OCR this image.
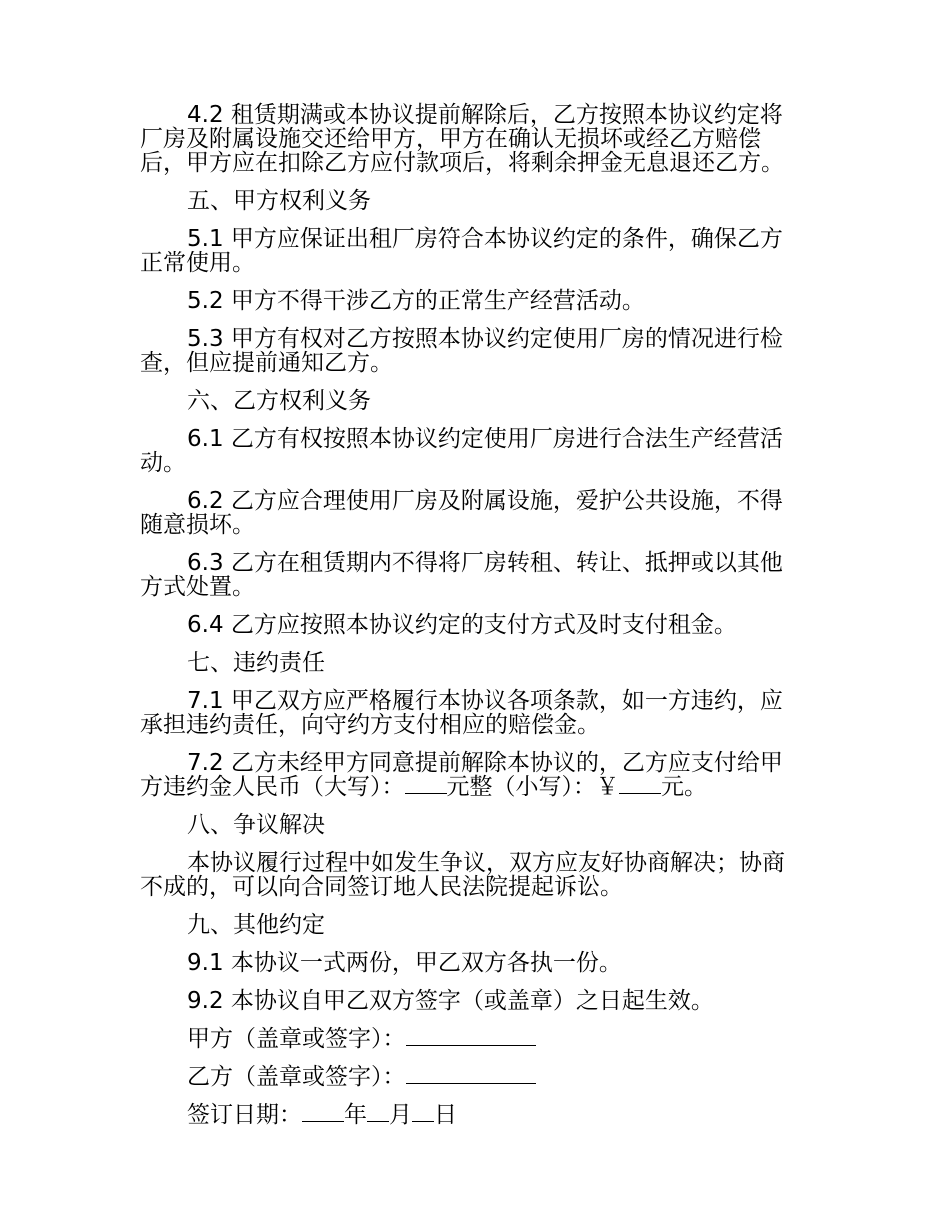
4.2 租赁期满或本协议提前解除后，乙方按照本协议约定将厂房及附属设施交还给甲方，甲方在确认无损坏或经乙方赔偿后，甲方应在扣除乙方应付款项后，将剩余押金无息退还乙方。

五、甲方权利义务

5.1 甲方应保证出租厂房符合本协议约定的条件，确保乙方正常使用。

5.2 甲方不得干涉乙方的正常生产经营活动。

5.3 甲方有权对乙方按照本协议约定使用厂房的情况进行检查，但应提前通知乙方。

六、乙方权利义务

6.1 乙方有权按照本协议约定使用厂房进行合法生产经营活动。

6.2 乙方应合理使用厂房及附属设施，爱护公共设施，不得随意损坏。

6.3 乙方在租赁期内不得将厂房转租、转让、抵押或以其他方式处置。

6.4 乙方应按照本协议约定的支付方式及时支付租金。

七、违约责任

7.1 甲乙双方应严格履行本协议各项条款，如一方违约，应承担违约责任，向守约方支付相应的赔偿金。

7.2 乙方未经甲方同意提前解除本协议的，乙方应支付给甲方违约金人民币（大写）： 元整（小写）：￥ 元。

八、争议解决

本协议履行过程中如发生争议，双方应友好协商解决；协商不成的，可以向合同签订地人民法院提起诉讼。

九、其他约定

9.1 本协议一式两份，甲乙双方各执一份。

9.2 本协议自甲乙双方签字（或盖章）之日起生效。

甲方（盖章或签字）：

乙方（盖章或签字）：

签订日期： 年 月 日
